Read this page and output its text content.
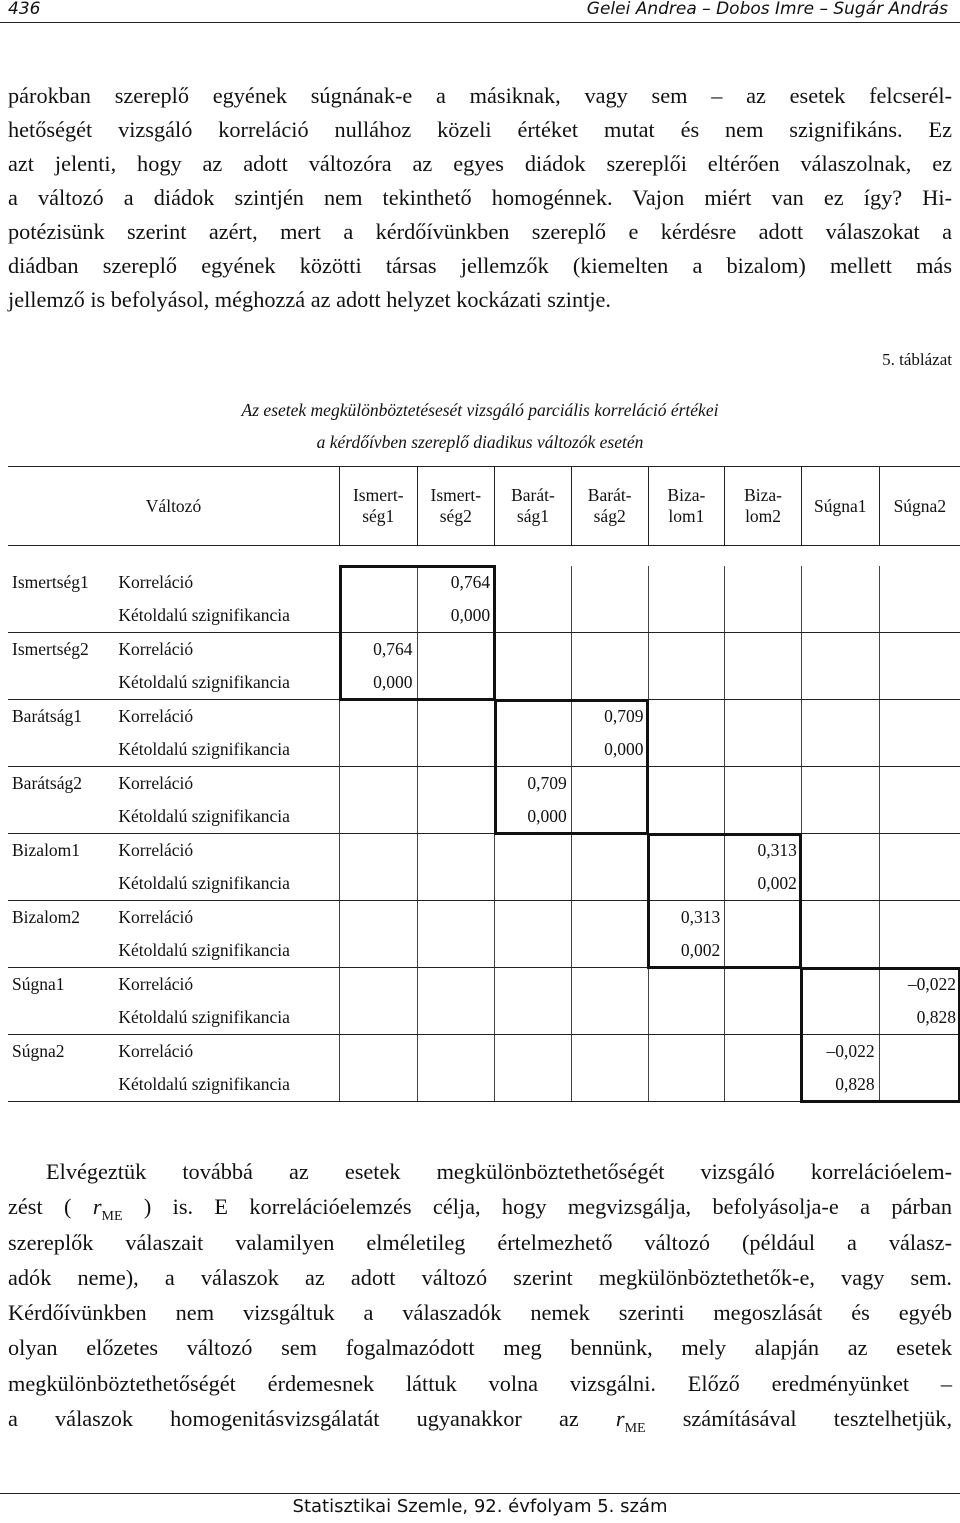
436	Gelei Andrea – Dobos Imre – Sugár András
párokban szereplő egyének súgnának-e a másiknak, vagy sem – az esetek felcserél-
hetőségét vizsgáló korreláció nullához közeli értéket mutat és nem szignifikáns. Ez
azt jelenti, hogy az adott változóra az egyes diádok szereplői eltérően válaszolnak, ez
a változó a diádok szintjén nem tekinthető homogénnek. Vajon miért van ez így? Hi-
potézisünk szerint azért, mert a kérdőívünkben szereplő e kérdésre adott válaszokat a
diádban szereplő egyének közötti társas jellemzők (kiemelten a bizalom) mellett más
jellemző is befolyásol, méghozzá az adott helyzet kockázati szintje.
5. táblázat
Az esetek megkülönböztetésesét vizsgáló parciális korreláció értékei
a kérdőívben szereplő diadikus változók esetén
Változó		Ismert-
ség1	Ismert-
ség2	Barát-
ság1	Barát-
ság2	Biza-
lom1	Biza-
lom2	Súgna1	Súgna2

Ismertség1	Korreláció		0,764						
	Kétoldalú szignifikancia		0,000						
Ismertség2	Korreláció	0,764							
	Kétoldalú szignifikancia	0,000							
Barátság1	Korreláció				0,709				
	Kétoldalú szignifikancia				0,000				
Barátság2	Korreláció			0,709					
	Kétoldalú szignifikancia			0,000					
Bizalom1	Korreláció						0,313		
	Kétoldalú szignifikancia						0,002		
Bizalom2	Korreláció					0,313			
	Kétoldalú szignifikancia					0,002			
Súgna1	Korreláció								–0,022
	Kétoldalú szignifikancia								0,828
Súgna2	Korreláció							–0,022	
	Kétoldalú szignifikancia							0,828	
Elvégeztük továbbá az esetek megkülönböztethetőségét vizsgáló korrelációelem-
zést ( $r_{ME}$ ) is. E korrelációelemzés célja, hogy megvizsgálja, befolyásolja-e a párban
szereplők válaszait valamilyen elméletileg értelmezhető változó (például a válasz-
adók neme), a válaszok az adott változó szerint megkülönböztethetők-e, vagy sem.
Kérdőívünkben nem vizsgáltuk a válaszadók nemek szerinti megoszlását és egyéb
olyan előzetes változó sem fogalmazódott meg bennünk, mely alapján az esetek
megkülönböztethetőségét érdemesnek láttuk volna vizsgálni. Előző eredményünket –
a válaszok homogenitásvizsgálatát ugyanakkor az $r_{ME}$ számításával tesztelhetjük,
Statisztikai Szemle, 92. évfolyam 5. szám
